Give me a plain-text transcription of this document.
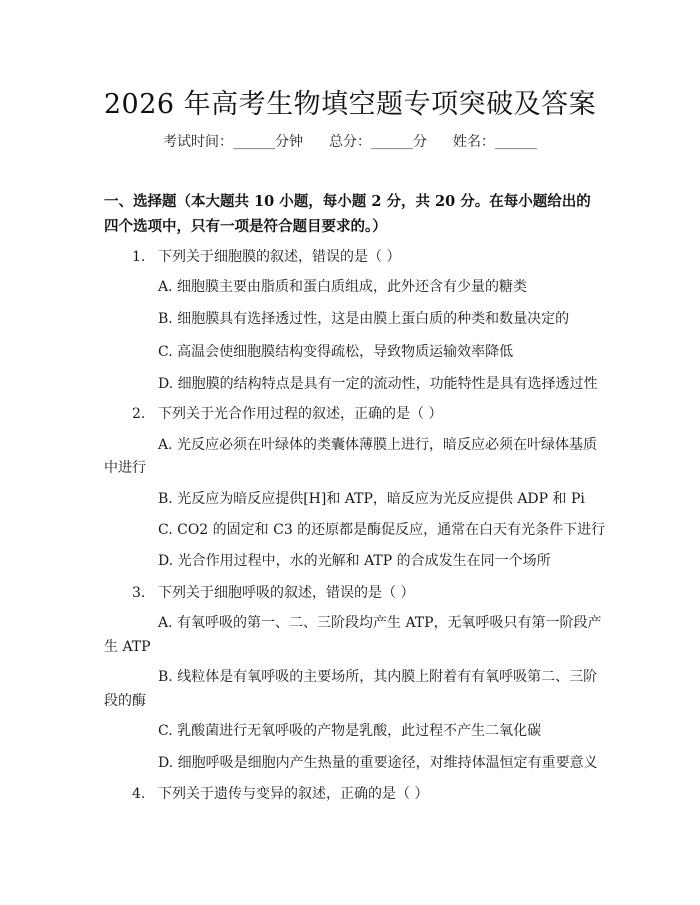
2026 年高考生物填空题专项突破及答案
考试时间：______分钟 总分：______分 姓名：______
一、选择题（本大题共 10 小题，每小题 2 分，共 20 分。在每小题给出的四个选项中，只有一项是符合题目要求的。）
1. 下列关于细胞膜的叙述，错误的是（ ）
A. 细胞膜主要由脂质和蛋白质组成，此外还含有少量的糖类
B. 细胞膜具有选择透过性，这是由膜上蛋白质的种类和数量决定的
C. 高温会使细胞膜结构变得疏松，导致物质运输效率降低
D. 细胞膜的结构特点是具有一定的流动性，功能特性是具有选择透过性
2. 下列关于光合作用过程的叙述，正确的是（ ）
A. 光反应必须在叶绿体的类囊体薄膜上进行，暗反应必须在叶绿体基质
中进行
B. 光反应为暗反应提供[H]和 ATP，暗反应为光反应提供 ADP 和 Pi
C. CO2 的固定和 C3 的还原都是酶促反应，通常在白天有光条件下进行
D. 光合作用过程中，水的光解和 ATP 的合成发生在同一个场所
3. 下列关于细胞呼吸的叙述，错误的是（ ）
A. 有氧呼吸的第一、二、三阶段均产生 ATP，无氧呼吸只有第一阶段产
生 ATP
B. 线粒体是有氧呼吸的主要场所，其内膜上附着有有氧呼吸第二、三阶
段的酶
C. 乳酸菌进行无氧呼吸的产物是乳酸，此过程不产生二氧化碳
D. 细胞呼吸是细胞内产生热量的重要途径，对维持体温恒定有重要意义
4. 下列关于遗传与变异的叙述，正确的是（ ）
